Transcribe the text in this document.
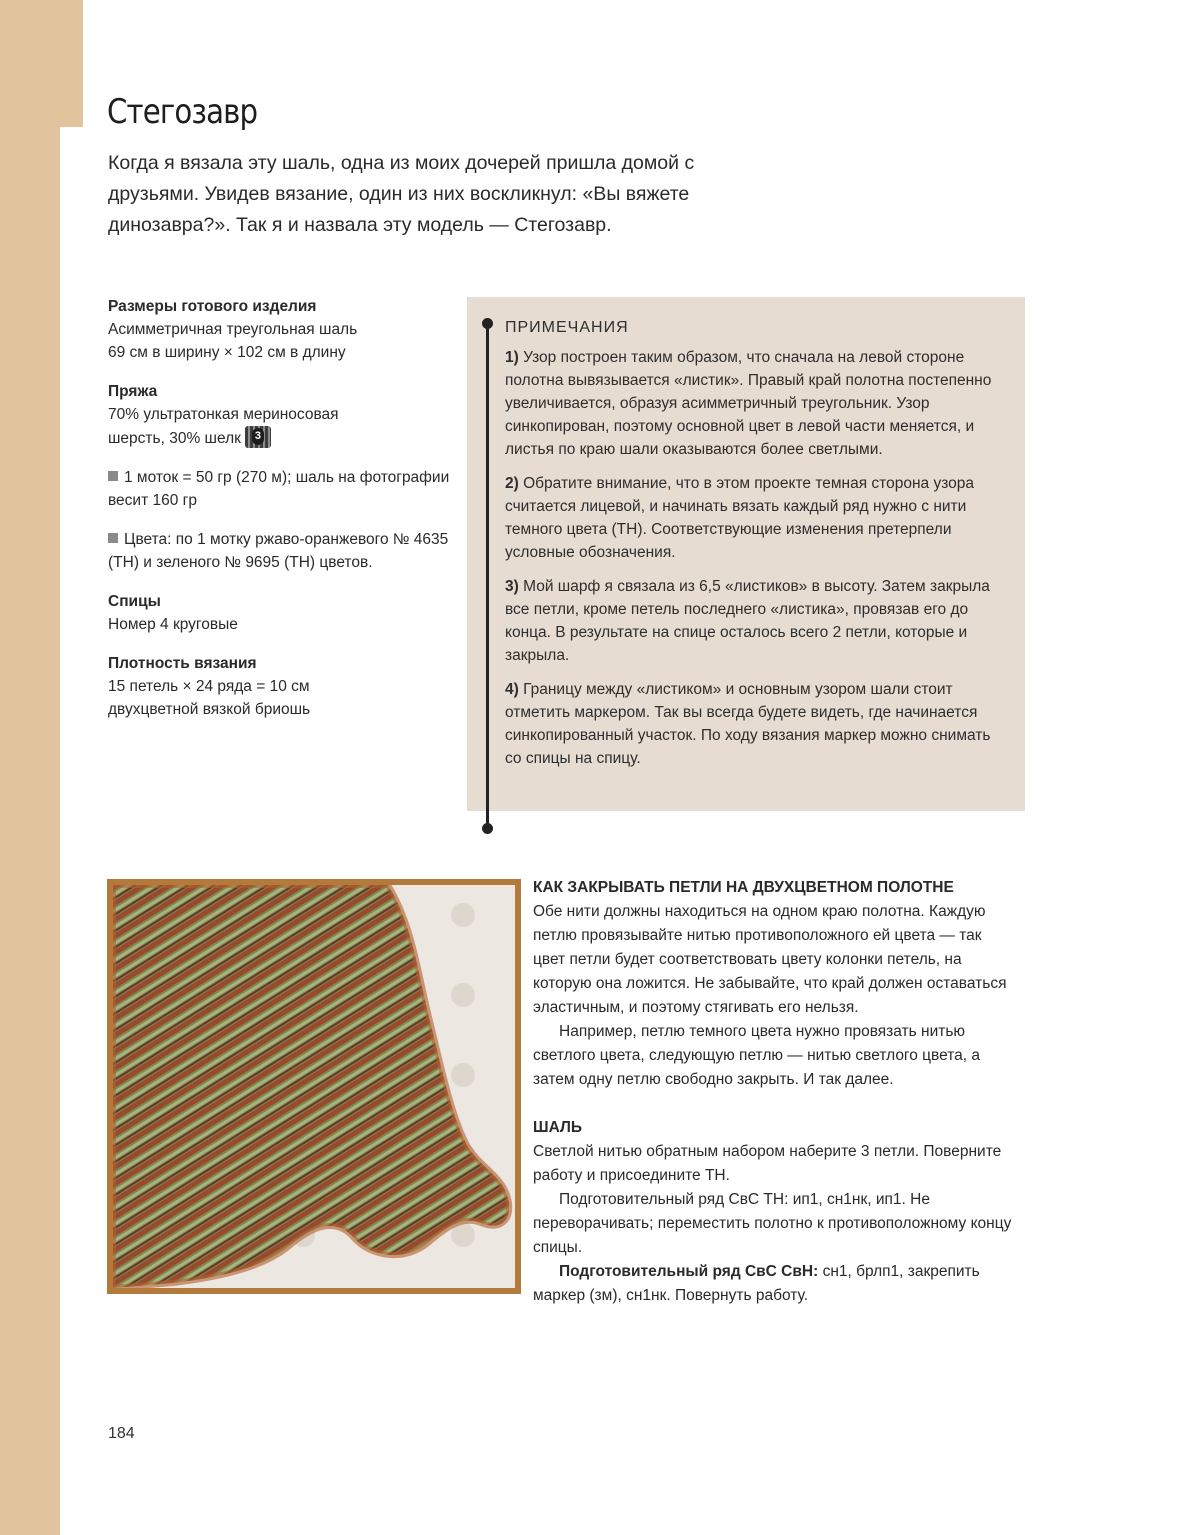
Стегозавр

Когда я вязала эту шаль, одна из моих дочерей пришла домой с друзьями. Увидев вязание, один из них воскликнул: «Вы вяжете динозавра?». Так я и назвала эту модель — Стегозавр.

Размеры готового изделия
Асимметричная треугольная шаль
69 см в ширину × 102 см в длину
Пряжа
70% ультратонкая мериносовая
шерсть, 30% шелк 3
1 моток = 50 гр (270 м); шаль на фотографии весит 160 гр
Цвета: по 1 мотку ржаво-оранжевого № 4635 (ТН) и зеленого № 9695 (ТН) цветов.
Спицы
Номер 4 круговые
Плотность вязания
15 петель × 24 ряда = 10 см
двухцветной вязкой бриошь

ПРИМЕЧАНИЯ

1) Узор построен таким образом, что сначала на левой стороне полотна вывязывается «листик». Правый край полотна постепенно увеличивается, образуя асимметричный треугольник. Узор синкопирован, поэтому основной цвет в левой части меняется, и листья по краю шали оказываются более светлыми.

2) Обратите внимание, что в этом проекте темная сторона узора считается лицевой, и начинать вязать каждый ряд нужно с нити темного цвета (ТН). Соответствующие изменения претерпели условные обозначения.

3) Мой шарф я связала из 6,5 «листиков» в высоту. Затем закрыла все петли, кроме петель последнего «листика», провязав его до конца. В результате на спице осталось всего 2 петли, которые и закрыла.

4) Границу между «листиком» и основным узором шали стоит отметить маркером. Так вы всегда будете видеть, где начинается синкопированный участок. По ходу вязания маркер можно снимать со спицы на спицу.

КАК ЗАКРЫВАТЬ ПЕТЛИ НА ДВУХЦВЕТНОМ ПОЛОТНЕ

Обе нити должны находиться на одном краю полотна. Каждую петлю провязывайте нитью противоположного ей цвета — так цвет петли будет соответствовать цвету колонки петель, на которую она ложится. Не забывайте, что край должен оставаться эластичным, и поэтому стягивать его нельзя.

Например, петлю темного цвета нужно провязать нитью светлого цвета, следующую петлю — нитью светлого цвета, а затем одну петлю свободно закрыть. И так далее.

ШАЛЬ

Светлой нитью обратным набором наберите 3 петли. Поверните работу и присоедините ТН.

Подготовительный ряд СвС ТН: ип1, сн1нк, ип1. Не переворачивать; переместить полотно к противоположному концу спицы.

Подготовительный ряд СвС СвН: сн1, брлп1, закрепить маркер (зм), сн1нк. Повернуть работу.

184
